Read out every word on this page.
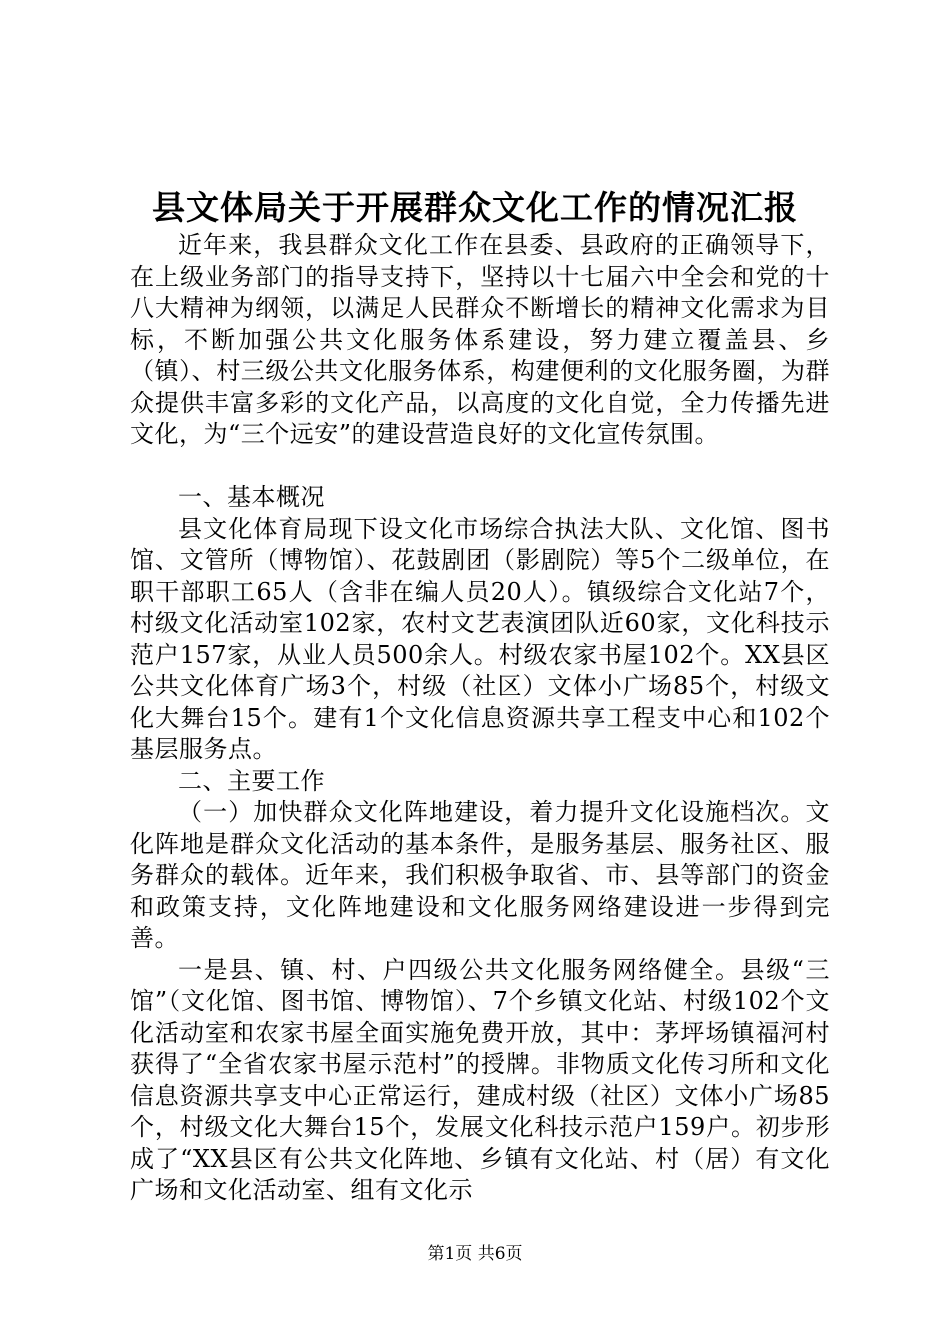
县文体局关于开展群众文化工作的情况汇报

近年来，我县群众文化工作在县委、县政府的正确领导下，在上级业务部门的指导支持下，坚持以十七届六中全会和党的十八大精神为纲领，以满足人民群众不断增长的精神文化需求为目标，不断加强公共文化服务体系建设，努力建立覆盖县、乡（镇）、村三级公共文化服务体系，构建便利的文化服务圈，为群众提供丰富多彩的文化产品，以高度的文化自觉，全力传播先进文化，为“三个远安”的建设营造良好的文化宣传氛围。

一、基本概况

县文化体育局现下设文化市场综合执法大队、文化馆、图书馆、文管所（博物馆）、花鼓剧团（影剧院）等5个二级单位，在职干部职工65人（含非在编人员20人）。镇级综合文化站7个，村级文化活动室102家，农村文艺表演团队近60家，文化科技示范户157家，从业人员500余人。村级农家书屋102个。XX县区公共文化体育广场3个，村级（社区）文体小广场85个，村级文化大舞台15个。建有1个文化信息资源共享工程支中心和102个基层服务点。

二、主要工作

（一）加快群众文化阵地建设，着力提升文化设施档次。文化阵地是群众文化活动的基本条件，是服务基层、服务社区、服务群众的载体。近年来，我们积极争取省、市、县等部门的资金和政策支持，文化阵地建设和文化服务网络建设进一步得到完善。

一是县、镇、村、户四级公共文化服务网络健全。县级“三馆”（文化馆、图书馆、博物馆）、7个乡镇文化站、村级102个文化活动室和农家书屋全面实施免费开放，其中：茅坪场镇福河村获得了“全省农家书屋示范村”的授牌。非物质文化传习所和文化信息资源共享支中心正常运行，建成村级（社区）文体小广场85个，村级文化大舞台15个，发展文化科技示范户159户。初步形成了“XX县区有公共文化阵地、乡镇有文化站、村（居）有文化广场和文化活动室、组有文化示

第1页 共6页
